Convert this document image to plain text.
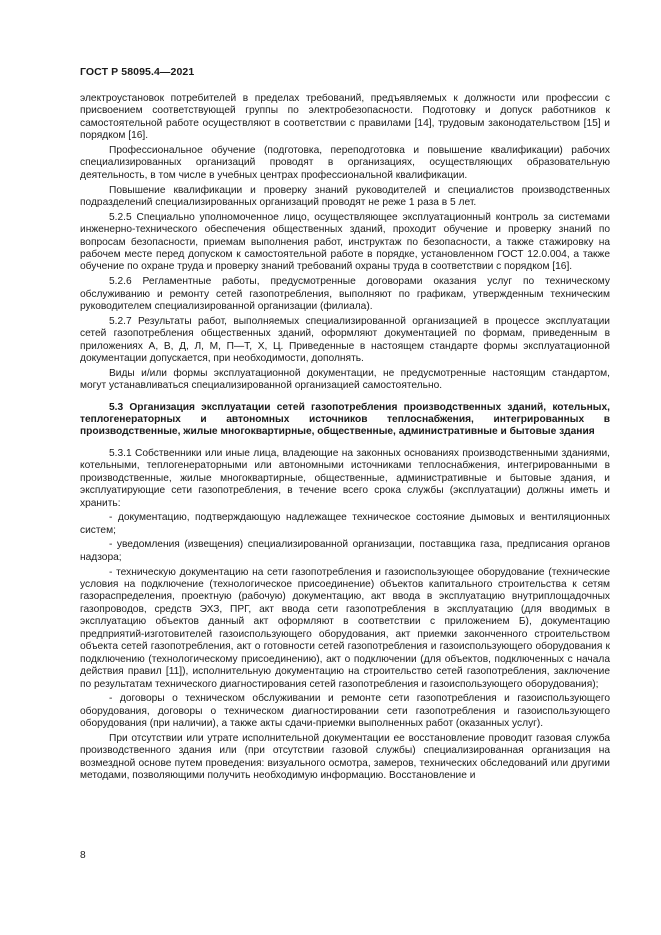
ГОСТ Р 58095.4—2021

электроустановок потребителей в пределах требований, предъявляемых к должности или профессии с присвоением соответствующей группы по электробезопасности. Подготовку и допуск работников к самостоятельной работе осуществляют в соответствии с правилами [14], трудовым законодательством [15] и порядком [16].

Профессиональное обучение (подготовка, переподготовка и повышение квалификации) рабочих специализированных организаций проводят в организациях, осуществляющих образовательную деятельность, в том числе в учебных центрах профессиональной квалификации.

Повышение квалификации и проверку знаний руководителей и специалистов производственных подразделений специализированных организаций проводят не реже 1 раза в 5 лет.

5.2.5 Специально уполномоченное лицо, осуществляющее эксплуатационный контроль за системами инженерно-технического обеспечения общественных зданий, проходит обучение и проверку знаний по вопросам безопасности, приемам выполнения работ, инструктаж по безопасности, а также стажировку на рабочем месте перед допуском к самостоятельной работе в порядке, установленном ГОСТ 12.0.004, а также обучение по охране труда и проверку знаний требований охраны труда в соответствии с порядком [16].

5.2.6 Регламентные работы, предусмотренные договорами оказания услуг по техническому обслуживанию и ремонту сетей газопотребления, выполняют по графикам, утвержденным техническим руководителем специализированной организации (филиала).

5.2.7 Результаты работ, выполняемых специализированной организацией в процессе эксплуатации сетей газопотребления общественных зданий, оформляют документацией по формам, приведенным в приложениях А, В, Д, Л, М, П—Т, Х, Ц. Приведенные в настоящем стандарте формы эксплуатационной документации допускается, при необходимости, дополнять.

Виды и/или формы эксплуатационной документации, не предусмотренные настоящим стандартом, могут устанавливаться специализированной организацией самостоятельно.

5.3 Организация эксплуатации сетей газопотребления производственных зданий, котельных, теплогенераторных и автономных источников теплоснабжения, интегрированных в производственные, жилые многоквартирные, общественные, административные и бытовые здания

5.3.1 Собственники или иные лица, владеющие на законных основаниях производственными зданиями, котельными, теплогенераторными или автономными источниками теплоснабжения, интегрированными в производственные, жилые многоквартирные, общественные, административные и бытовые здания, и эксплуатирующие сети газопотребления, в течение всего срока службы (эксплуатации) должны иметь и хранить:

- документацию, подтверждающую надлежащее техническое состояние дымовых и вентиляционных систем;

- уведомления (извещения) специализированной организации, поставщика газа, предписания органов надзора;

- техническую документацию на сети газопотребления и газоиспользующее оборудование (технические условия на подключение (технологическое присоединение) объектов капитального строительства к сетям газораспределения, проектную (рабочую) документацию, акт ввода в эксплуатацию внутриплощадочных газопроводов, средств ЭХЗ, ПРГ, акт ввода сети газопотребления в эксплуатацию (для вводимых в эксплуатацию объектов данный акт оформляют в соответствии с приложением Б), документацию предприятий-изготовителей газоиспользующего оборудования, акт приемки законченного строительством объекта сетей газопотребления, акт о готовности сетей газопотребления и газоиспользующего оборудования к подключению (технологическому присоединению), акт о подключении (для объектов, подключенных с начала действия правил [11]), исполнительную документацию на строительство сетей газопотребления, заключение по результатам технического диагностирования сетей газопотребления и газоиспользующего оборудования);

- договоры о техническом обслуживании и ремонте сети газопотребления и газоиспользующего оборудования, договоры о техническом диагностировании сети газопотребления и газоиспользующего оборудования (при наличии), а также акты сдачи-приемки выполненных работ (оказанных услуг).

При отсутствии или утрате исполнительной документации ее восстановление проводит газовая служба производственного здания или (при отсутствии газовой службы) специализированная организация на возмездной основе путем проведения: визуального осмотра, замеров, технических обследований или другими методами, позволяющими получить необходимую информацию. Восстановление и

8
